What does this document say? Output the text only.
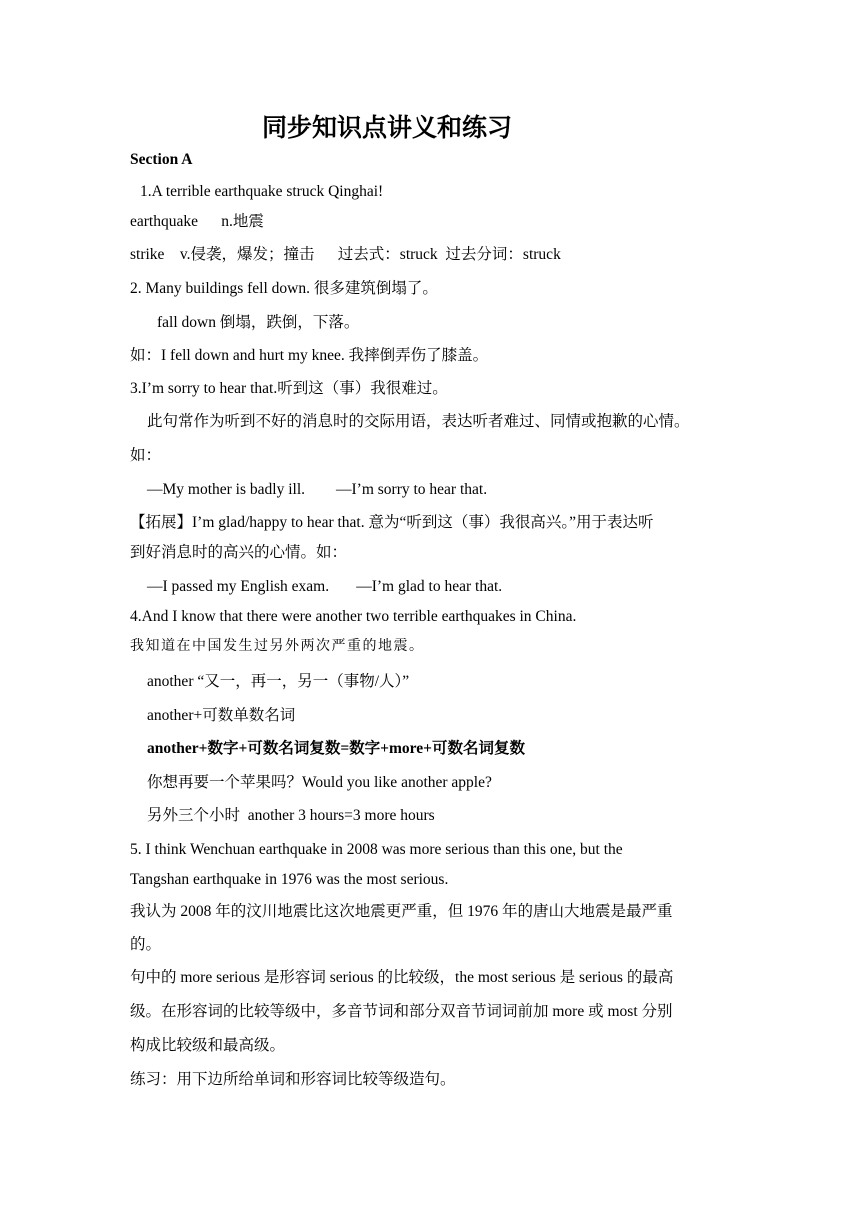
同步知识点讲义和练习
Section A
1.A terrible earthquake struck Qinghai!
earthquake      n.地震
strike    v.侵袭，爆发；撞击      过去式：struck  过去分词：struck
2. Many buildings fell down. 很多建筑倒塌了。
fall down 倒塌，跌倒，下落。
如：I fell down and hurt my knee. 我摔倒弄伤了膝盖。
3.I’m sorry to hear that.听到这（事）我很难过。
此句常作为听到不好的消息时的交际用语，表达听者难过、同情或抱歉的心情。
如：
—My mother is badly ill.        —I’m sorry to hear that.
【拓展】I’m glad/happy to hear that. 意为“听到这（事）我很高兴。”用于表达听
到好消息时的高兴的心情。如：
—I passed my English exam.       —I’m glad to hear that.
4.And I know that there were another two terrible earthquakes in China.
我知道在中国发生过另外两次严重的地震。
another “又一，再一，另一（事物/人）”
another+可数单数名词
another+数字+可数名词复数=数字+more+可数名词复数
你想再要一个苹果吗？Would you like another apple?
另外三个小时  another 3 hours=3 more hours
5. I think Wenchuan earthquake in 2008 was more serious than this one, but the
Tangshan earthquake in 1976 was the most serious.
我认为 2008 年的汶川地震比这次地震更严重，但 1976 年的唐山大地震是最严重
的。
句中的 more serious 是形容词 serious 的比较级，the most serious 是 serious 的最高
级。在形容词的比较等级中，多音节词和部分双音节词词前加 more 或 most 分别
构成比较级和最高级。
练习：用下边所给单词和形容词比较等级造句。
